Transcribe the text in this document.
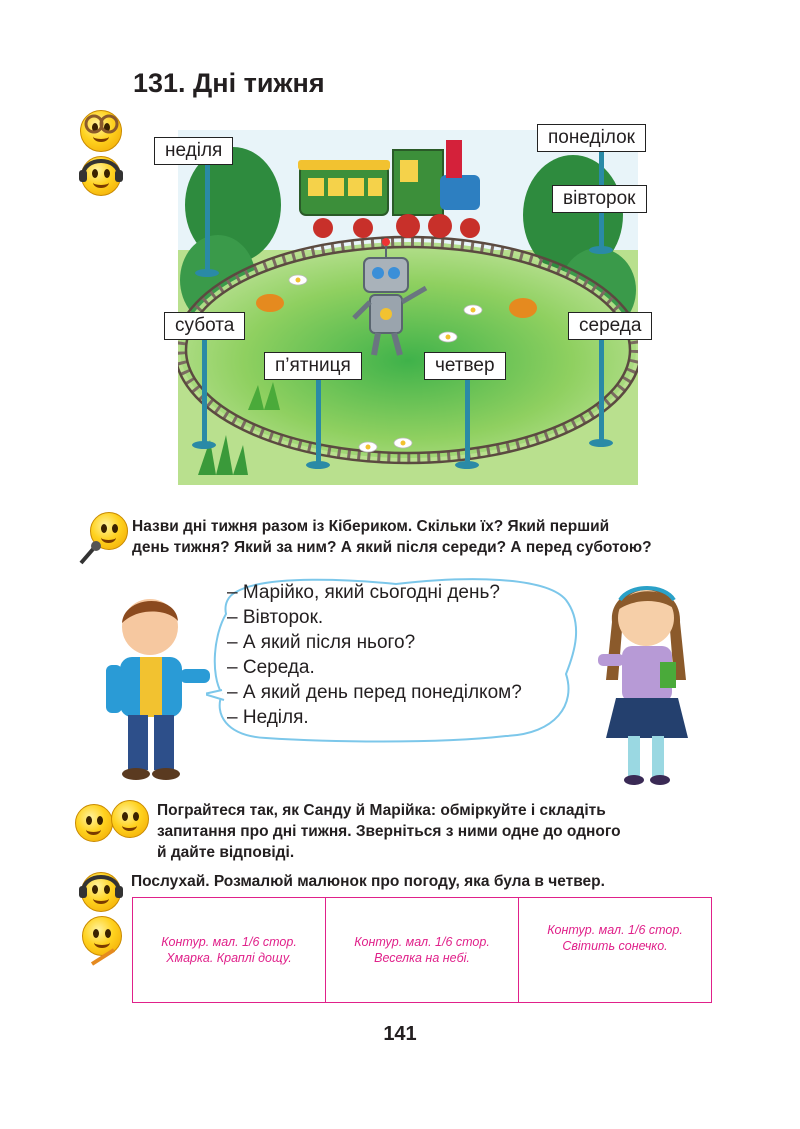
131. Дні тижня
неділя
понеділок
вівторок
субота	середа
п’ятниця	четвер
Назви дні тижня разом із Кібериком. Скільки їх? Який перший
день тижня? Який за ним? А який після середи? А перед суботою?
– Марійко, який сьогодні день?
– Вівторок.
– А який після нього?
– Середа.
– А який день перед понеділком?
– Неділя.
Пограйтеся так, як Санду й Марійка: обміркуйте і складіть
запитання про дні тижня. Зверніться з ними одне до одного
й дайте відповіді.
Послухай. Розмалюй малюнок про погоду, яка була в четвер.
Контур. мал. 1/6 стор.
Хмарка. Краплі дощу.
Контур. мал. 1/6 стор.
Веселка на небі.
Контур. мал. 1/6 стор.
Світить сонечко.
141
